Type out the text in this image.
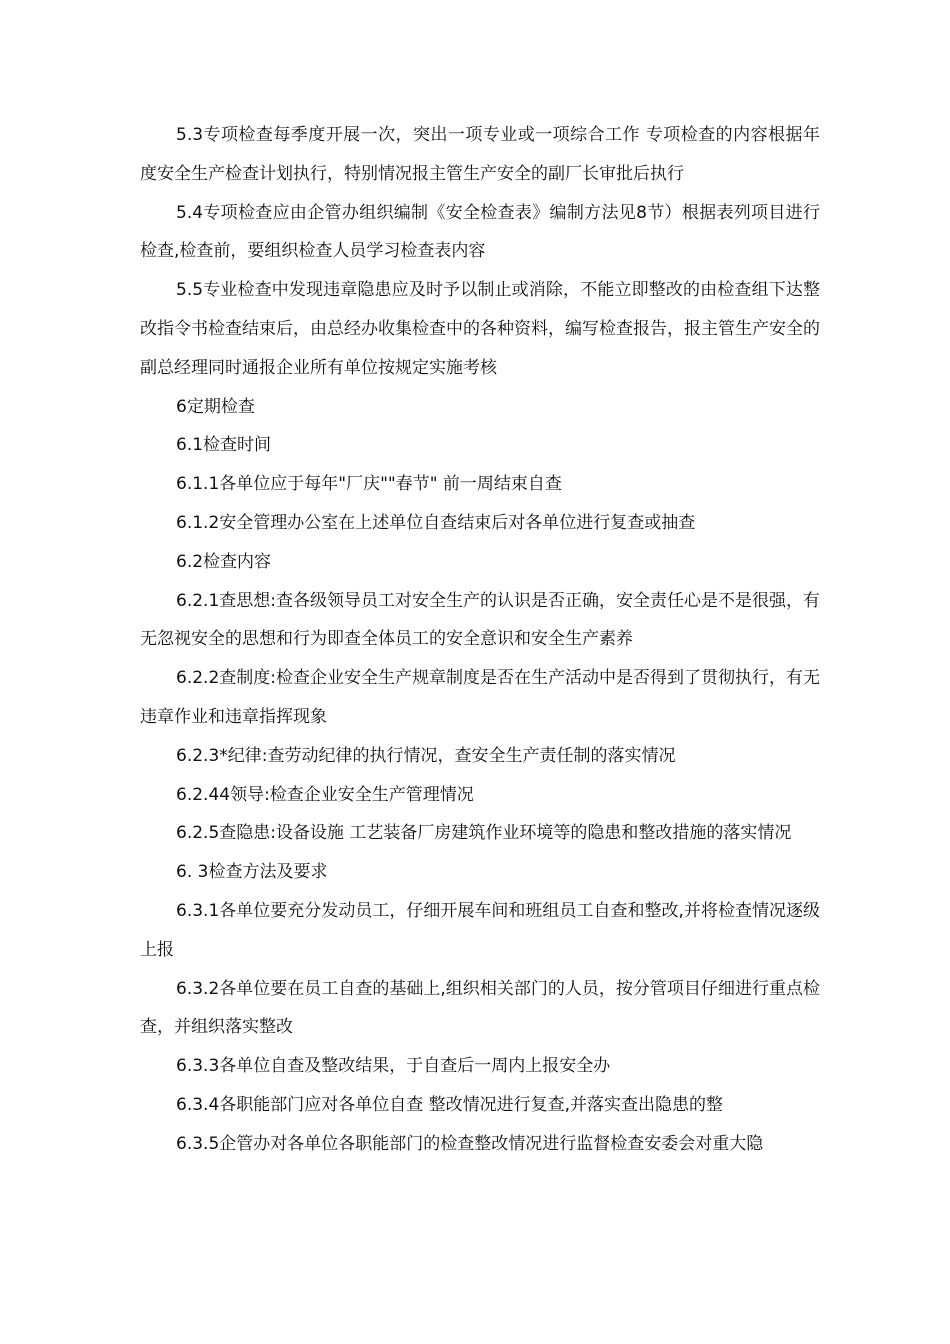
5.3专项检查每季度开展一次，突出一项专业或一项综合工作 专项检查的内容根据年度安全生产检查计划执行，特别情况报主管生产安全的副厂长审批后执行

5.4专项检查应由企管办组织编制《安全检查表》编制方法见8节）根据表列项目进行检查,检查前，要组织检查人员学习检查表内容

5.5专业检查中发现违章隐患应及时予以制止或消除，不能立即整改的由检查组下达整改指令书检查结束后，由总经办收集检查中的各种资料，编写检查报告，报主管生产安全的副总经理同时通报企业所有单位按规定实施考核

6定期检查

6.1检查时间

6.1.1各单位应于每年"厂庆""春节" 前一周结束自查

6.1.2安全管理办公室在上述单位自查结束后对各单位进行复查或抽查

6.2检查内容

6.2.1查思想:查各级领导员工对安全生产的认识是否正确，安全责任心是不是很强，有无忽视安全的思想和行为即查全体员工的安全意识和安全生产素养

6.2.2查制度:检查企业安全生产规章制度是否在生产活动中是否得到了贯彻执行，有无违章作业和违章指挥现象

6.2.3*纪律:查劳动纪律的执行情况，查安全生产责任制的落实情况

6.2.44领导:检查企业安全生产管理情况

6.2.5查隐患:设备设施 工艺装备厂房建筑作业环境等的隐患和整改措施的落实情况

6. 3检查方法及要求

6.3.1各单位要充分发动员工，仔细开展车间和班组员工自查和整改,并将检查情况逐级上报

6.3.2各单位要在员工自查的基础上,组织相关部门的人员，按分管项目仔细进行重点检查，并组织落实整改

6.3.3各单位自查及整改结果，于自查后一周内上报安全办

6.3.4各职能部门应对各单位自查 整改情况进行复查,并落实查出隐患的整

6.3.5企管办对各单位各职能部门的检查整改情况进行监督检查安委会对重大隐
